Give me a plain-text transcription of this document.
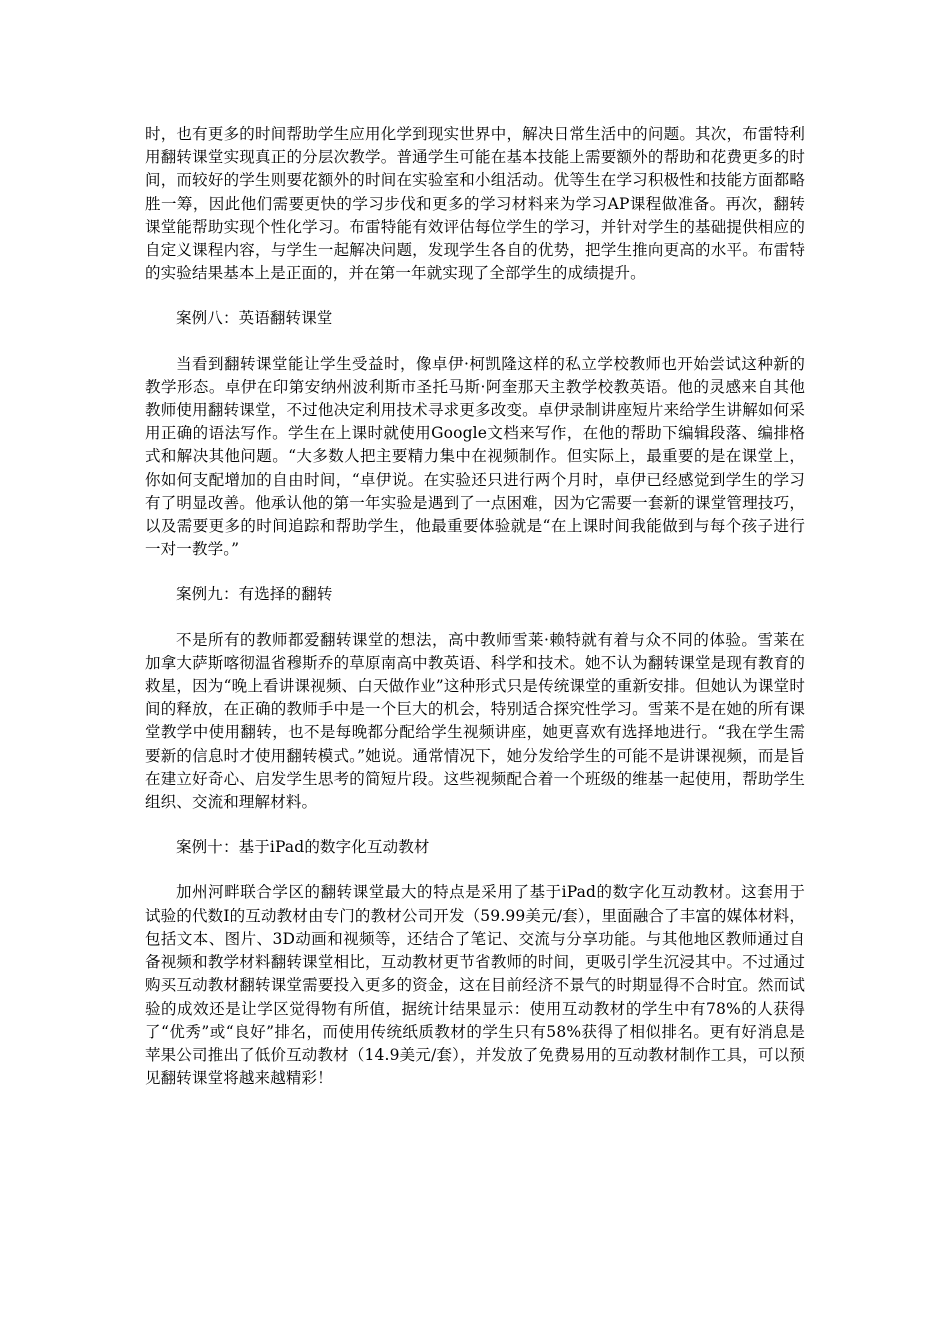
时，也有更多的时间帮助学生应用化学到现实世界中，解决日常生活中的问题。其次，布雷特利用翻转课堂实现真正的分层次教学。普通学生可能在基本技能上需要额外的帮助和花费更多的时间，而较好的学生则要花额外的时间在实验室和小组活动。优等生在学习积极性和技能方面都略胜一筹，因此他们需要更快的学习步伐和更多的学习材料来为学习AP课程做准备。再次，翻转课堂能帮助实现个性化学习。布雷特能有效评估每位学生的学习，并针对学生的基础提供相应的自定义课程内容，与学生一起解决问题，发现学生各自的优势，把学生推向更高的水平。布雷特的实验结果基本上是正面的，并在第一年就实现了全部学生的成绩提升。

案例八：英语翻转课堂

当看到翻转课堂能让学生受益时，像卓伊·柯凯隆这样的私立学校教师也开始尝试这种新的教学形态。卓伊在印第安纳州波利斯市圣托马斯·阿奎那天主教学校教英语。他的灵感来自其他教师使用翻转课堂，不过他决定利用技术寻求更多改变。卓伊录制讲座短片来给学生讲解如何采用正确的语法写作。学生在上课时就使用Google文档来写作，在他的帮助下编辑段落、编排格式和解决其他问题。“大多数人把主要精力集中在视频制作。但实际上，最重要的是在课堂上，你如何支配增加的自由时间，“卓伊说。在实验还只进行两个月时，卓伊已经感觉到学生的学习有了明显改善。他承认他的第一年实验是遇到了一点困难，因为它需要一套新的课堂管理技巧，以及需要更多的时间追踪和帮助学生，他最重要体验就是“在上课时间我能做到与每个孩子进行一对一教学。”

案例九：有选择的翻转

不是所有的教师都爱翻转课堂的想法，高中教师雪莱·赖特就有着与众不同的体验。雪莱在加拿大萨斯喀彻温省穆斯乔的草原南高中教英语、科学和技术。她不认为翻转课堂是现有教育的救星，因为“晚上看讲课视频、白天做作业”这种形式只是传统课堂的重新安排。但她认为课堂时间的释放，在正确的教师手中是一个巨大的机会，特别适合探究性学习。雪莱不是在她的所有课堂教学中使用翻转，也不是每晚都分配给学生视频讲座，她更喜欢有选择地进行。“我在学生需要新的信息时才使用翻转模式。”她说。通常情况下，她分发给学生的可能不是讲课视频，而是旨在建立好奇心、启发学生思考的简短片段。这些视频配合着一个班级的维基一起使用，帮助学生组织、交流和理解材料。

案例十：基于iPad的数字化互动教材

加州河畔联合学区的翻转课堂最大的特点是采用了基于iPad的数字化互动教材。这套用于试验的代数I的互动教材由专门的教材公司开发（59.99美元/套），里面融合了丰富的媒体材料，包括文本、图片、3D动画和视频等，还结合了笔记、交流与分享功能。与其他地区教师通过自备视频和教学材料翻转课堂相比，互动教材更节省教师的时间，更吸引学生沉浸其中。不过通过购买互动教材翻转课堂需要投入更多的资金，这在目前经济不景气的时期显得不合时宜。然而试验的成效还是让学区觉得物有所值，据统计结果显示：使用互动教材的学生中有78%的人获得了“优秀”或“良好”排名，而使用传统纸质教材的学生只有58%获得了相似排名。更有好消息是苹果公司推出了低价互动教材（14.9美元/套），并发放了免费易用的互动教材制作工具，可以预见翻转课堂将越来越精彩！
